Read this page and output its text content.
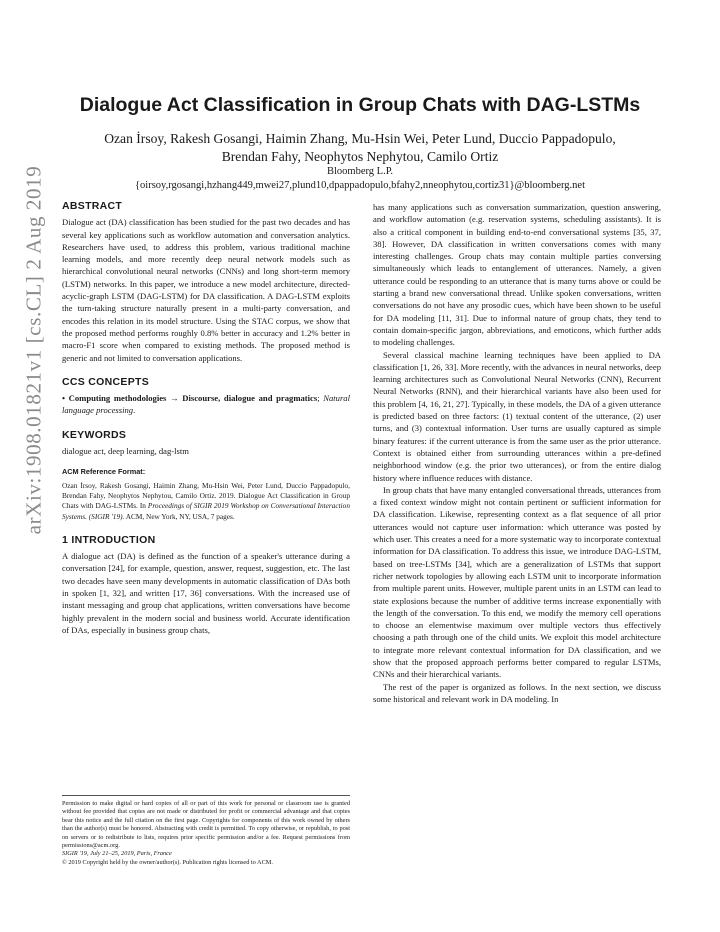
arXiv:1908.01821v1 [cs.CL] 2 Aug 2019
Dialogue Act Classification in Group Chats with DAG-LSTMs
Ozan İrsoy, Rakesh Gosangi, Haimin Zhang, Mu-Hsin Wei, Peter Lund, Duccio Pappadopulo,
Brendan Fahy, Neophytos Nephytou, Camilo Ortiz
Bloomberg L.P.
{oirsoy,rgosangi,hzhang449,mwei27,plund10,dpappadopulo,bfahy2,nneophytou,cortiz31}@bloomberg.net
ABSTRACT

Dialogue act (DA) classification has been studied for the past two decades and has several key applications such as workflow automation and conversation analytics. Researchers have used, to address this problem, various traditional machine learning models, and more recently deep neural network models such as hierarchical convolutional neural networks (CNNs) and long short-term memory (LSTM) networks. In this paper, we introduce a new model architecture, directed-acyclic-graph LSTM (DAG-LSTM) for DA classification. A DAG-LSTM exploits the turn-taking structure naturally present in a multi-party conversation, and encodes this relation in its model structure. Using the STAC corpus, we show that the proposed method performs roughly 0.8% better in accuracy and 1.2% better in macro-F1 score when compared to existing methods. The proposed method is generic and not limited to conversation applications.

CCS CONCEPTS

• Computing methodologies → Discourse, dialogue and pragmatics; Natural language processing.

KEYWORDS

dialogue act, deep learning, dag-lstm

ACM Reference Format:

Ozan İrsoy, Rakesh Gosangi, Haimin Zhang, Mu-Hsin Wei, Peter Lund, Duccio Pappadopulo, Brendan Fahy, Neophytos Nephytou, Camilo Ortiz. 2019. Dialogue Act Classification in Group Chats with DAG-LSTMs. In Proceedings of SIGIR 2019 Workshop on Conversational Interaction Systems. (SIGIR '19). ACM, New York, NY, USA, 7 pages.

1 INTRODUCTION

A dialogue act (DA) is defined as the function of a speaker's utterance during a conversation [24], for example, question, answer, request, suggestion, etc. The last two decades have seen many developments in automatic classification of DAs both in spoken [1, 32], and written [17, 36] conversations. With the increased use of instant messaging and group chat applications, written conversations have become highly prevalent in the modern social and business world. Accurate identification of DAs, especially in business group chats,

Permission to make digital or hard copies of all or part of this work for personal or classroom use is granted without fee provided that copies are not made or distributed for profit or commercial advantage and that copies bear this notice and the full citation on the first page. Copyrights for components of this work owned by others than the author(s) must be honored. Abstracting with credit is permitted. To copy otherwise, or republish, to post on servers or to redistribute to lists, requires prior specific permission and/or a fee. Request permissions from permissions@acm.org.

SIGIR '19, July 21–25, 2019, Paris, France

© 2019 Copyright held by the owner/author(s). Publication rights licensed to ACM.

has many applications such as conversation summarization, question answering, and workflow automation (e.g. reservation systems, scheduling assistants). It is also a critical component in building end-to-end conversational systems [35, 37, 38]. However, DA classification in written conversations comes with many interesting challenges. Group chats may contain multiple parties conversing simultaneously which leads to entanglement of utterances. Namely, a given utterance could be responding to an utterance that is many turns above or could be starting a brand new conversational thread. Unlike spoken conversations, written conversations do not have any prosodic cues, which have been shown to be useful for DA modeling [11, 31]. Due to informal nature of group chats, they tend to contain domain-specific jargon, abbreviations, and emoticons, which further adds to modeling challenges.

Several classical machine learning techniques have been applied to DA classification [1, 26, 33]. More recently, with the advances in neural networks, deep learning architectures such as Convolutional Neural Networks (CNN), Recurrent Neural Networks (RNN), and their hierarchical variants have also been used for this problem [4, 16, 21, 27]. Typically, in these models, the DA of a given utterance is predicted based on three factors: (1) textual content of the utterance, (2) user turns, and (3) contextual information. User turns are usually captured as simple binary features: if the current utterance is from the same user as the prior utterance. Context is obtained either from surrounding utterances within a pre-defined neighborhood window (e.g. the prior two utterances), or from the entire dialog history where influence reduces with distance.

In group chats that have many entangled conversational threads, utterances from a fixed context window might not contain pertinent or sufficient information for DA classification. Likewise, representing context as a flat sequence of all prior utterances would not capture user information: which utterance was posted by which user. This creates a need for a more systematic way to incorporate contextual information for DA classification. To address this issue, we introduce DAG-LSTM, based on tree-LSTMs [34], which are a generalization of LSTMs that support richer network topologies by allowing each LSTM unit to incorporate information from multiple parent units. However, multiple parent units in an LSTM can lead to state explosions because the number of additive terms increase exponentially with the length of the conversation. To this end, we modify the memory cell operations to choose an elementwise maximum over multiple vectors thus effectively choosing a path through one of the child units. We exploit this model architecture to integrate more relevant contextual information for DA classification, and we show that the proposed approach performs better compared to regular LSTMs, CNNs and their hierarchical variants.

The rest of the paper is organized as follows. In the next section, we discuss some historical and relevant work in DA modeling. In
